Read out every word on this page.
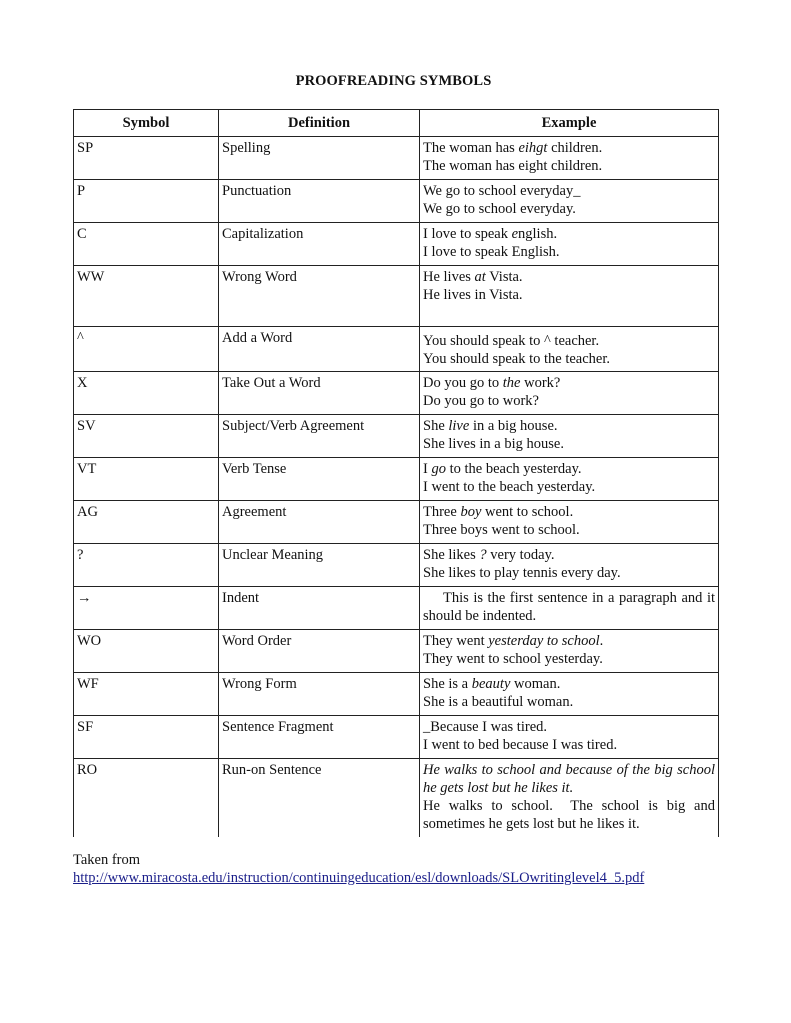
PROOFREADING SYMBOLS
Symbol	Definition	Example
SP	Spelling	The woman has eihgt children.
The woman has eight children.

P	Punctuation	We go to school everyday_
We go to school everyday.

C	Capitalization	I love to speak english.
I love to speak English.

WW	Wrong Word	He lives at Vista.
He lives in Vista.

^	Add a Word	You should speak to ^ teacher.
You should speak to the teacher.

X	Take Out a Word	Do you go to the work?
Do you go to work?

SV	Subject/Verb Agreement	She live in a big house.
She lives in a big house.

VT	Verb Tense	I go to the beach yesterday.
I went to the beach yesterday.

AG	Agreement	Three boy went to school.
Three boys went to school.

?	Unclear Meaning	She likes ? very today.
She likes to play tennis every day.

→	Indent	This is the first sentence in a paragraph and it should be indented.

WO	Word Order	They went yesterday to school.
They went to school yesterday.

WF	Wrong Form	She is a beauty woman.
She is a beautiful woman.

SF	Sentence Fragment	_Because I was tired.
I went to bed because I was tired.

RO	Run-on Sentence	He walks to school and because of the big school he gets lost but he likes it.
He walks to school.  The school is big and sometimes he gets lost but he likes it.
Taken from
http://www.miracosta.edu/instruction/continuingeducation/esl/downloads/SLOwritinglevel4_5.pdf
